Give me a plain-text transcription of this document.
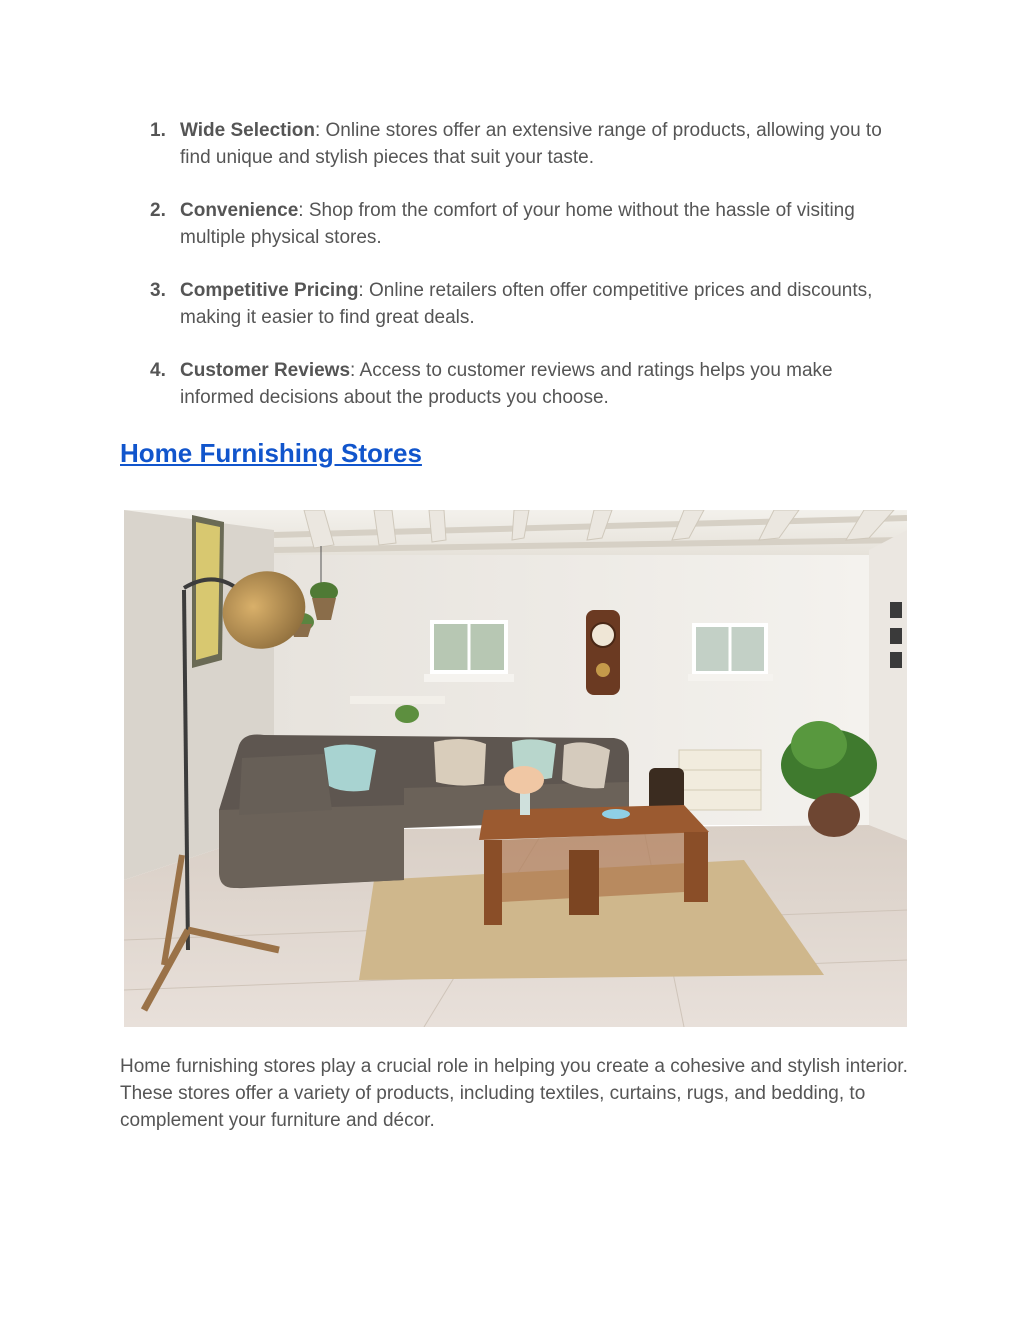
1. Wide Selection: Online stores offer an extensive range of products, allowing you to find unique and stylish pieces that suit your taste.
2. Convenience: Shop from the comfort of your home without the hassle of visiting multiple physical stores.
3. Competitive Pricing: Online retailers often offer competitive prices and discounts, making it easier to find great deals.
4. Customer Reviews: Access to customer reviews and ratings helps you make informed decisions about the products you choose.
Home Furnishing Stores

Home furnishing stores play a crucial role in helping you create a cohesive and stylish interior. These stores offer a variety of products, including textiles, curtains, rugs, and bedding, to complement your furniture and décor.
